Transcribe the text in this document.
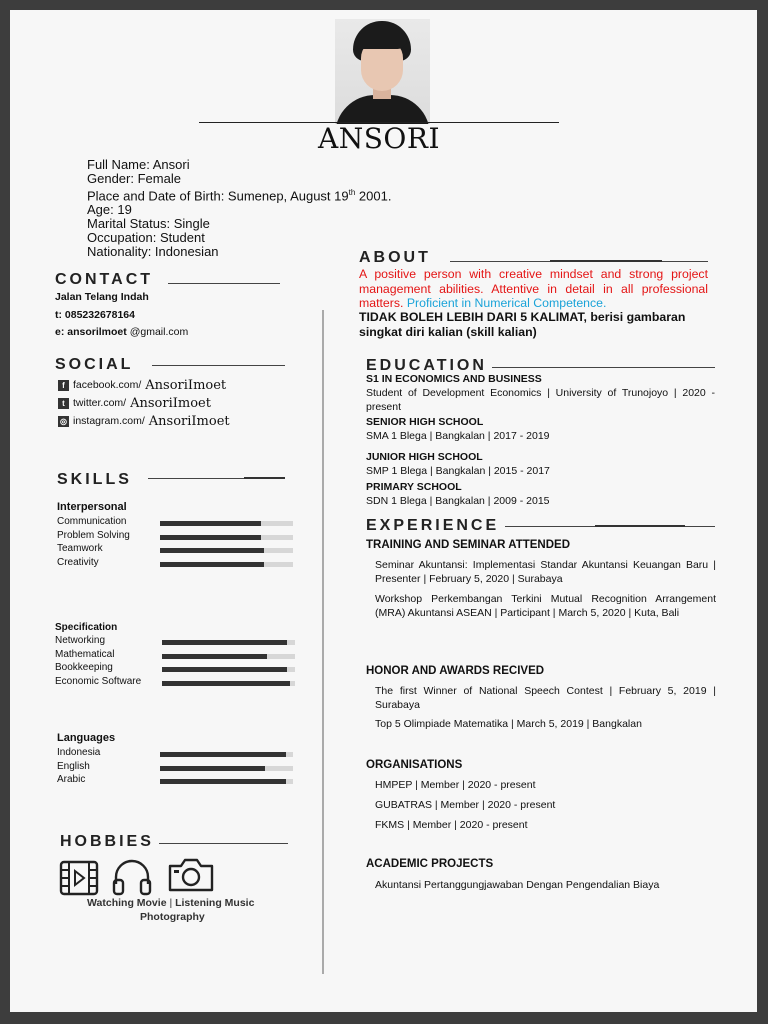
ANSORI
Full Name: Ansori
Gender: Female
Place and Date of Birth: Sumenep, August 19th 2001.
Age: 19
Marital Status: Single
Occupation: Student
Nationality: Indonesian
CONTACT
Jalan Telang Indah
t: 085232678164
e: ansorilmoet @gmail.com
SOCIAL
f facebook.com/ AnsoriImoet
t twitter.com/ AnsoriImoet
◎ instagram.com/ AnsoriImoet
SKILLS
Interpersonal
Communication
Problem Solving
Teamwork
Creativity
Specification
Networking
Mathematical
Bookkeeping
Economic Software
Languages
Indonesia
English
Arabic
HOBBIES
Watching Movie | Listening Music
Photography
ABOUT
A positive person with creative mindset and strong project management abilities. Attentive in detail in all professional matters. Proficient in Numerical Competence.
TIDAK BOLEH LEBIH DARI 5 KALIMAT, berisi gambaran singkat diri kalian (skill kalian)
EDUCATION
S1 IN ECONOMICS AND BUSINESS
Student of Development Economics | University of Trunojoyo | 2020 - present
SENIOR HIGH SCHOOL
SMA 1 Blega | Bangkalan | 2017 - 2019
JUNIOR HIGH SCHOOL
SMP 1 Blega | Bangkalan | 2015 - 2017
PRIMARY SCHOOL
SDN 1 Blega | Bangkalan | 2009 - 2015
EXPERIENCE
TRAINING AND SEMINAR ATTENDED
Seminar Akuntansi: Implementasi Standar Akuntansi Keuangan Baru | Presenter | February 5, 2020 | Surabaya
Workshop Perkembangan Terkini Mutual Recognition Arrangement (MRA) Akuntansi ASEAN | Participant | March 5, 2020 | Kuta, Bali
HONOR AND AWARDS RECIVED
The first Winner of National Speech Contest | February 5, 2019 | Surabaya
Top 5 Olimpiade Matematika | March 5, 2019 | Bangkalan
ORGANISATIONS
HMPEP | Member | 2020 - present
GUBATRAS | Member | 2020 - present
FKMS | Member | 2020 - present
ACADEMIC PROJECTS
Akuntansi Pertanggungjawaban Dengan Pengendalian Biaya
